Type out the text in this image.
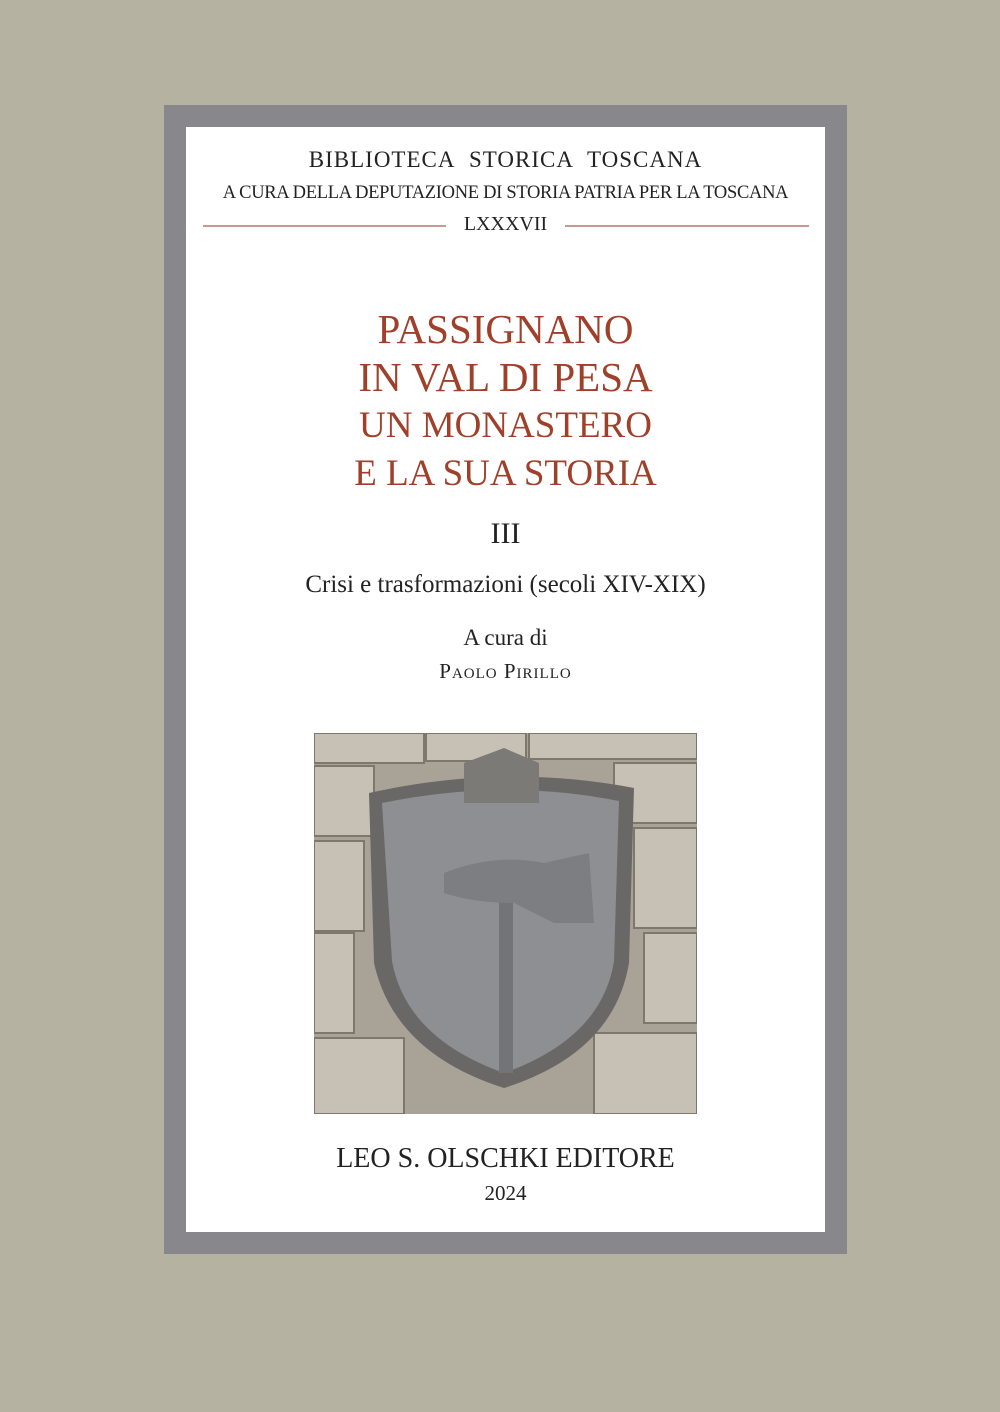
BIBLIOTECA STORICA TOSCANA
A CURA DELLA DEPUTAZIONE DI STORIA PATRIA PER LA TOSCANA
LXXXVII
PASSIGNANO
IN VAL DI PESA
UN MONASTERO
E LA SUA STORIA
III
Crisi e trasformazioni (secoli XIV-XIX)
A cura di
Paolo Pirillo
LEO S. OLSCHKI EDITORE
2024
